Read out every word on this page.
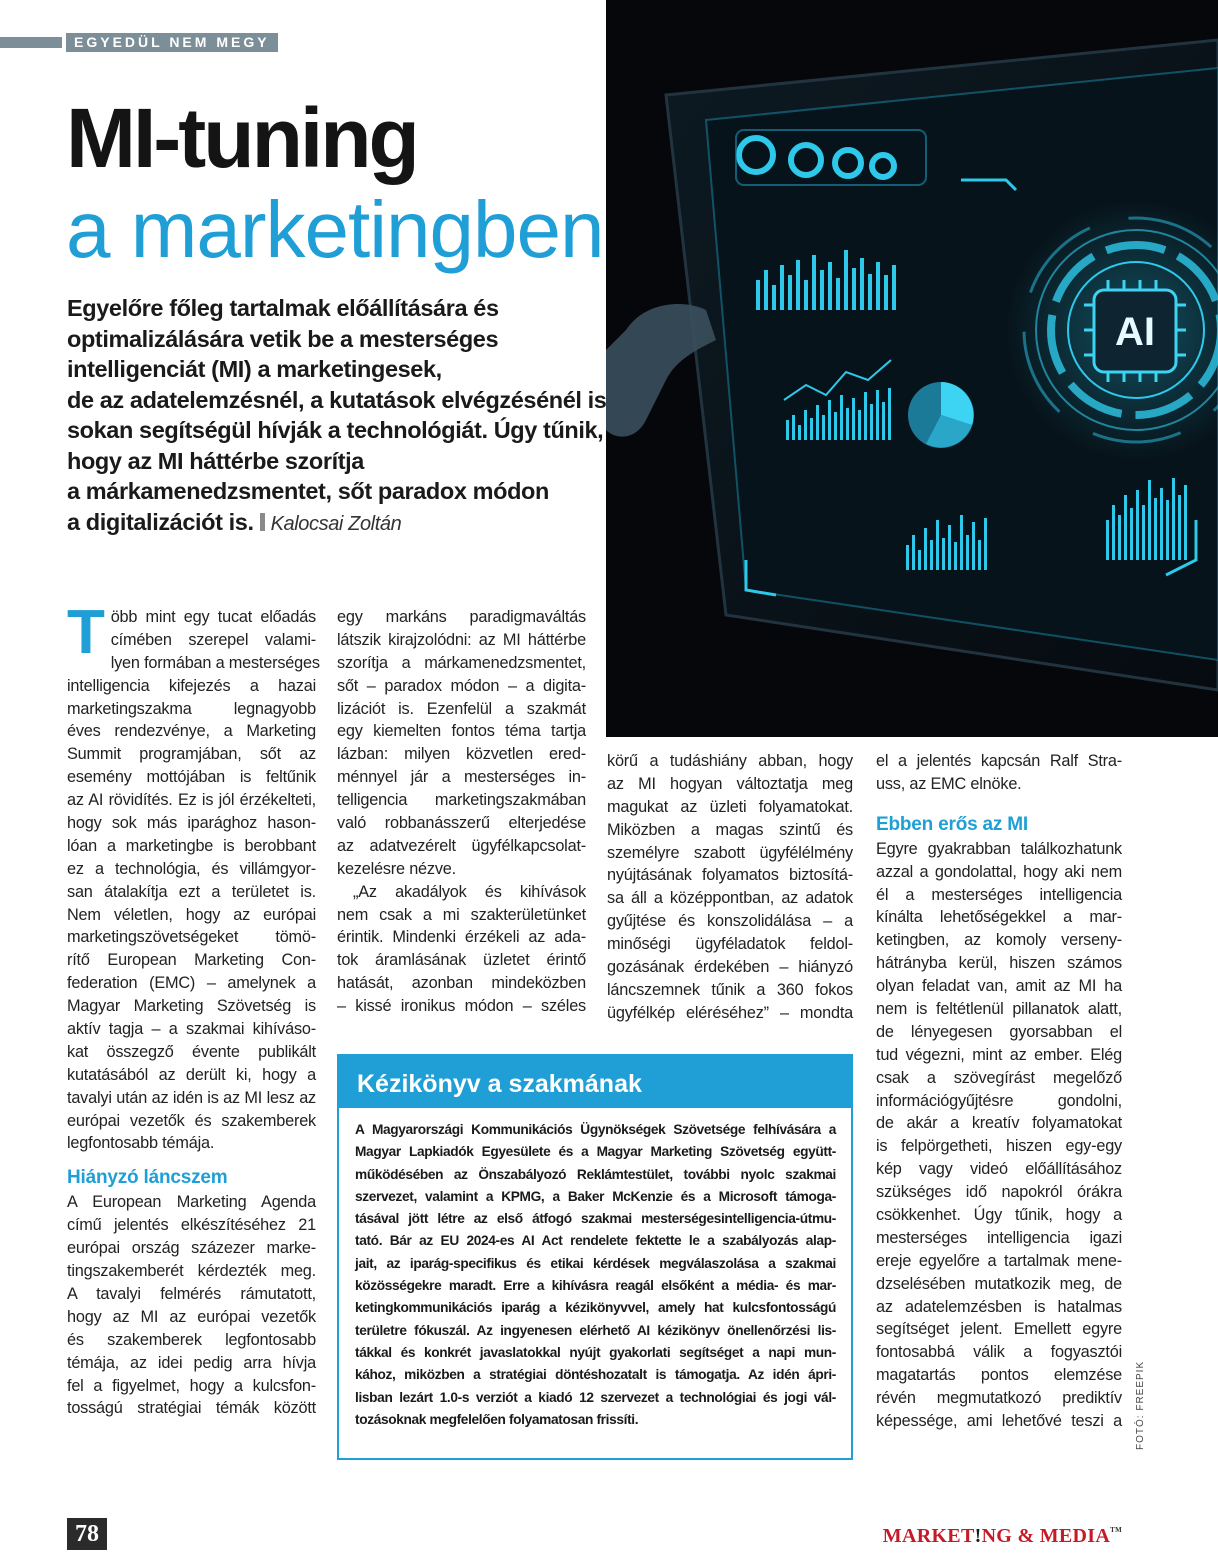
EGYEDÜL NEM MEGY
MI-tuning
a marketingben
Egyelőre főleg tartalmak előállítására és
optimalizálására vetik be a mesterséges
intelligenciát (MI) a marketingesek,
de az adatelemzésnél, a kutatások elvégzésénél is
sokan segítségül hívják a technológiát. Úgy tűnik,
hogy az MI háttérbe szorítja
a márkamenedzsmentet, sőt paradox módon
a digitalizációt is. Kalocsai Zoltán
AI
T öbb mint egy tucat előadás
címében szerepel valami-
lyen formában a mesterséges
intelligencia kifejezés a hazai
marketingszakma legnagyobb
éves rendezvénye, a Marketing
Summit programjában, sőt az
esemény mottójában is feltűnik
az AI rövidítés. Ez is jól érzékelteti,
hogy sok más iparághoz hason-
lóan a marketingbe is berobbant
ez a technológia, és villámgyor-
san átalakítja ezt a területet is.
Nem véletlen, hogy az európai
marketingszövetségeket tömö-
rítő European Marketing Con-
federation (EMC) – amelynek a
Magyar Marketing Szövetség is
aktív tagja – a szakmai kihíváso-
kat összegző évente publikált
kutatásából az derült ki, hogy a
tavalyi után az idén is az MI lesz az
európai vezetők és szakemberek
legfontosabb témája.
Hiányzó láncszem
A European Marketing Agenda
című jelentés elkészítéséhez 21
európai ország százezer marke-
tingszakemberét kérdezték meg.
A tavalyi felmérés rámutatott,
hogy az MI az európai vezetők
és szakemberek legfontosabb
témája, az idei pedig arra hívja
fel a figyelmet, hogy a kulcsfon-
tosságú stratégiai témák között
egy markáns paradigmaváltás
látszik kirajzolódni: az MI háttérbe
szorítja a márkamenedzsmentet,
sőt – paradox módon – a digita-
lizációt is. Ezenfelül a szakmát
egy kiemelten fontos téma tartja
lázban: milyen közvetlen ered-
ménnyel jár a mesterséges in-
telligencia marketingszakmában
való robbanásszerű elterjedése
az adatvezérelt ügyfélkapcsolat-
kezelésre nézve.
„Az akadályok és kihívások
nem csak a mi szakterületünket
érintik. Mindenki érzékeli az ada-
tok áramlásának üzletet érintő
hatását, azonban mindeközben
– kissé ironikus módon – széles
körű a tudáshiány abban, hogy
az MI hogyan változtatja meg
magukat az üzleti folyamatokat.
Miközben a magas szintű és
személyre szabott ügyfélélmény
nyújtásának folyamatos biztosítá-
sa áll a középpontban, az adatok
gyűjtése és konszolidálása – a
minőségi ügyféladatok feldol-
gozásának érdekében – hiányzó
láncszemnek tűnik a 360 fokos
ügyfélkép eléréséhez” – mondta
el a jelentés kapcsán Ralf Stra-
uss, az EMC elnöke.
Ebben erős az MI
Egyre gyakrabban találkozhatunk
azzal a gondolattal, hogy aki nem
él a mesterséges intelligencia
kínálta lehetőségekkel a mar-
ketingben, az komoly verseny-
hátrányba kerül, hiszen számos
olyan feladat van, amit az MI ha
nem is feltétlenül pillanatok alatt,
de lényegesen gyorsabban el
tud végezni, mint az ember. Elég
csak a szövegírást megelőző
információgyűjtésre gondolni,
de akár a kreatív folyamatokat
is felpörgetheti, hiszen egy-egy
kép vagy videó előállításához
szükséges idő napokról órákra
csökkenhet. Úgy tűnik, hogy a
mesterséges intelligencia igazi
ereje egyelőre a tartalmak mene-
dzselésében mutatkozik meg, de
az adatelemzésben is hatalmas
segítséget jelent. Emellett egyre
fontosabbá válik a fogyasztói
magatartás pontos elemzése
révén megmutatkozó prediktív
képessége, ami lehetővé teszi a
Kézikönyv a szakmának
A Magyarországi Kommunikációs Ügynökségek Szövetsége felhívására a
Magyar Lapkiadók Egyesülete és a Magyar Marketing Szövetség együtt-
működésében az Önszabályozó Reklámtestület, további nyolc szakmai
szervezet, valamint a KPMG, a Baker McKenzie és a Microsoft támoga-
tásával jött létre az első átfogó szakmai mesterségesintelligencia-útmu-
tató. Bár az EU 2024-es AI Act rendelete fektette le a szabályozás alap-
jait, az iparág-specifikus és etikai kérdések megválaszolása a szakmai
közösségekre maradt. Erre a kihívásra reagál elsőként a média- és mar-
ketingkommunikációs iparág a kézikönyvvel, amely hat kulcsfontosságú
területre fókuszál. Az ingyenesen elérhető AI kézikönyv önellenőrzési lis-
tákkal és konkrét javaslatokkal nyújt gyakorlati segítséget a napi mun-
kához, miközben a stratégiai döntéshozatalt is támogatja. Az idén ápri-
lisban lezárt 1.0-s verziót a kiadó 12 szervezet a technológiai és jogi vál-
tozásoknak megfelelően folyamatosan frissíti.	FOTÓ: FREEPIK
78	MARKET!NG & MEDIA™
